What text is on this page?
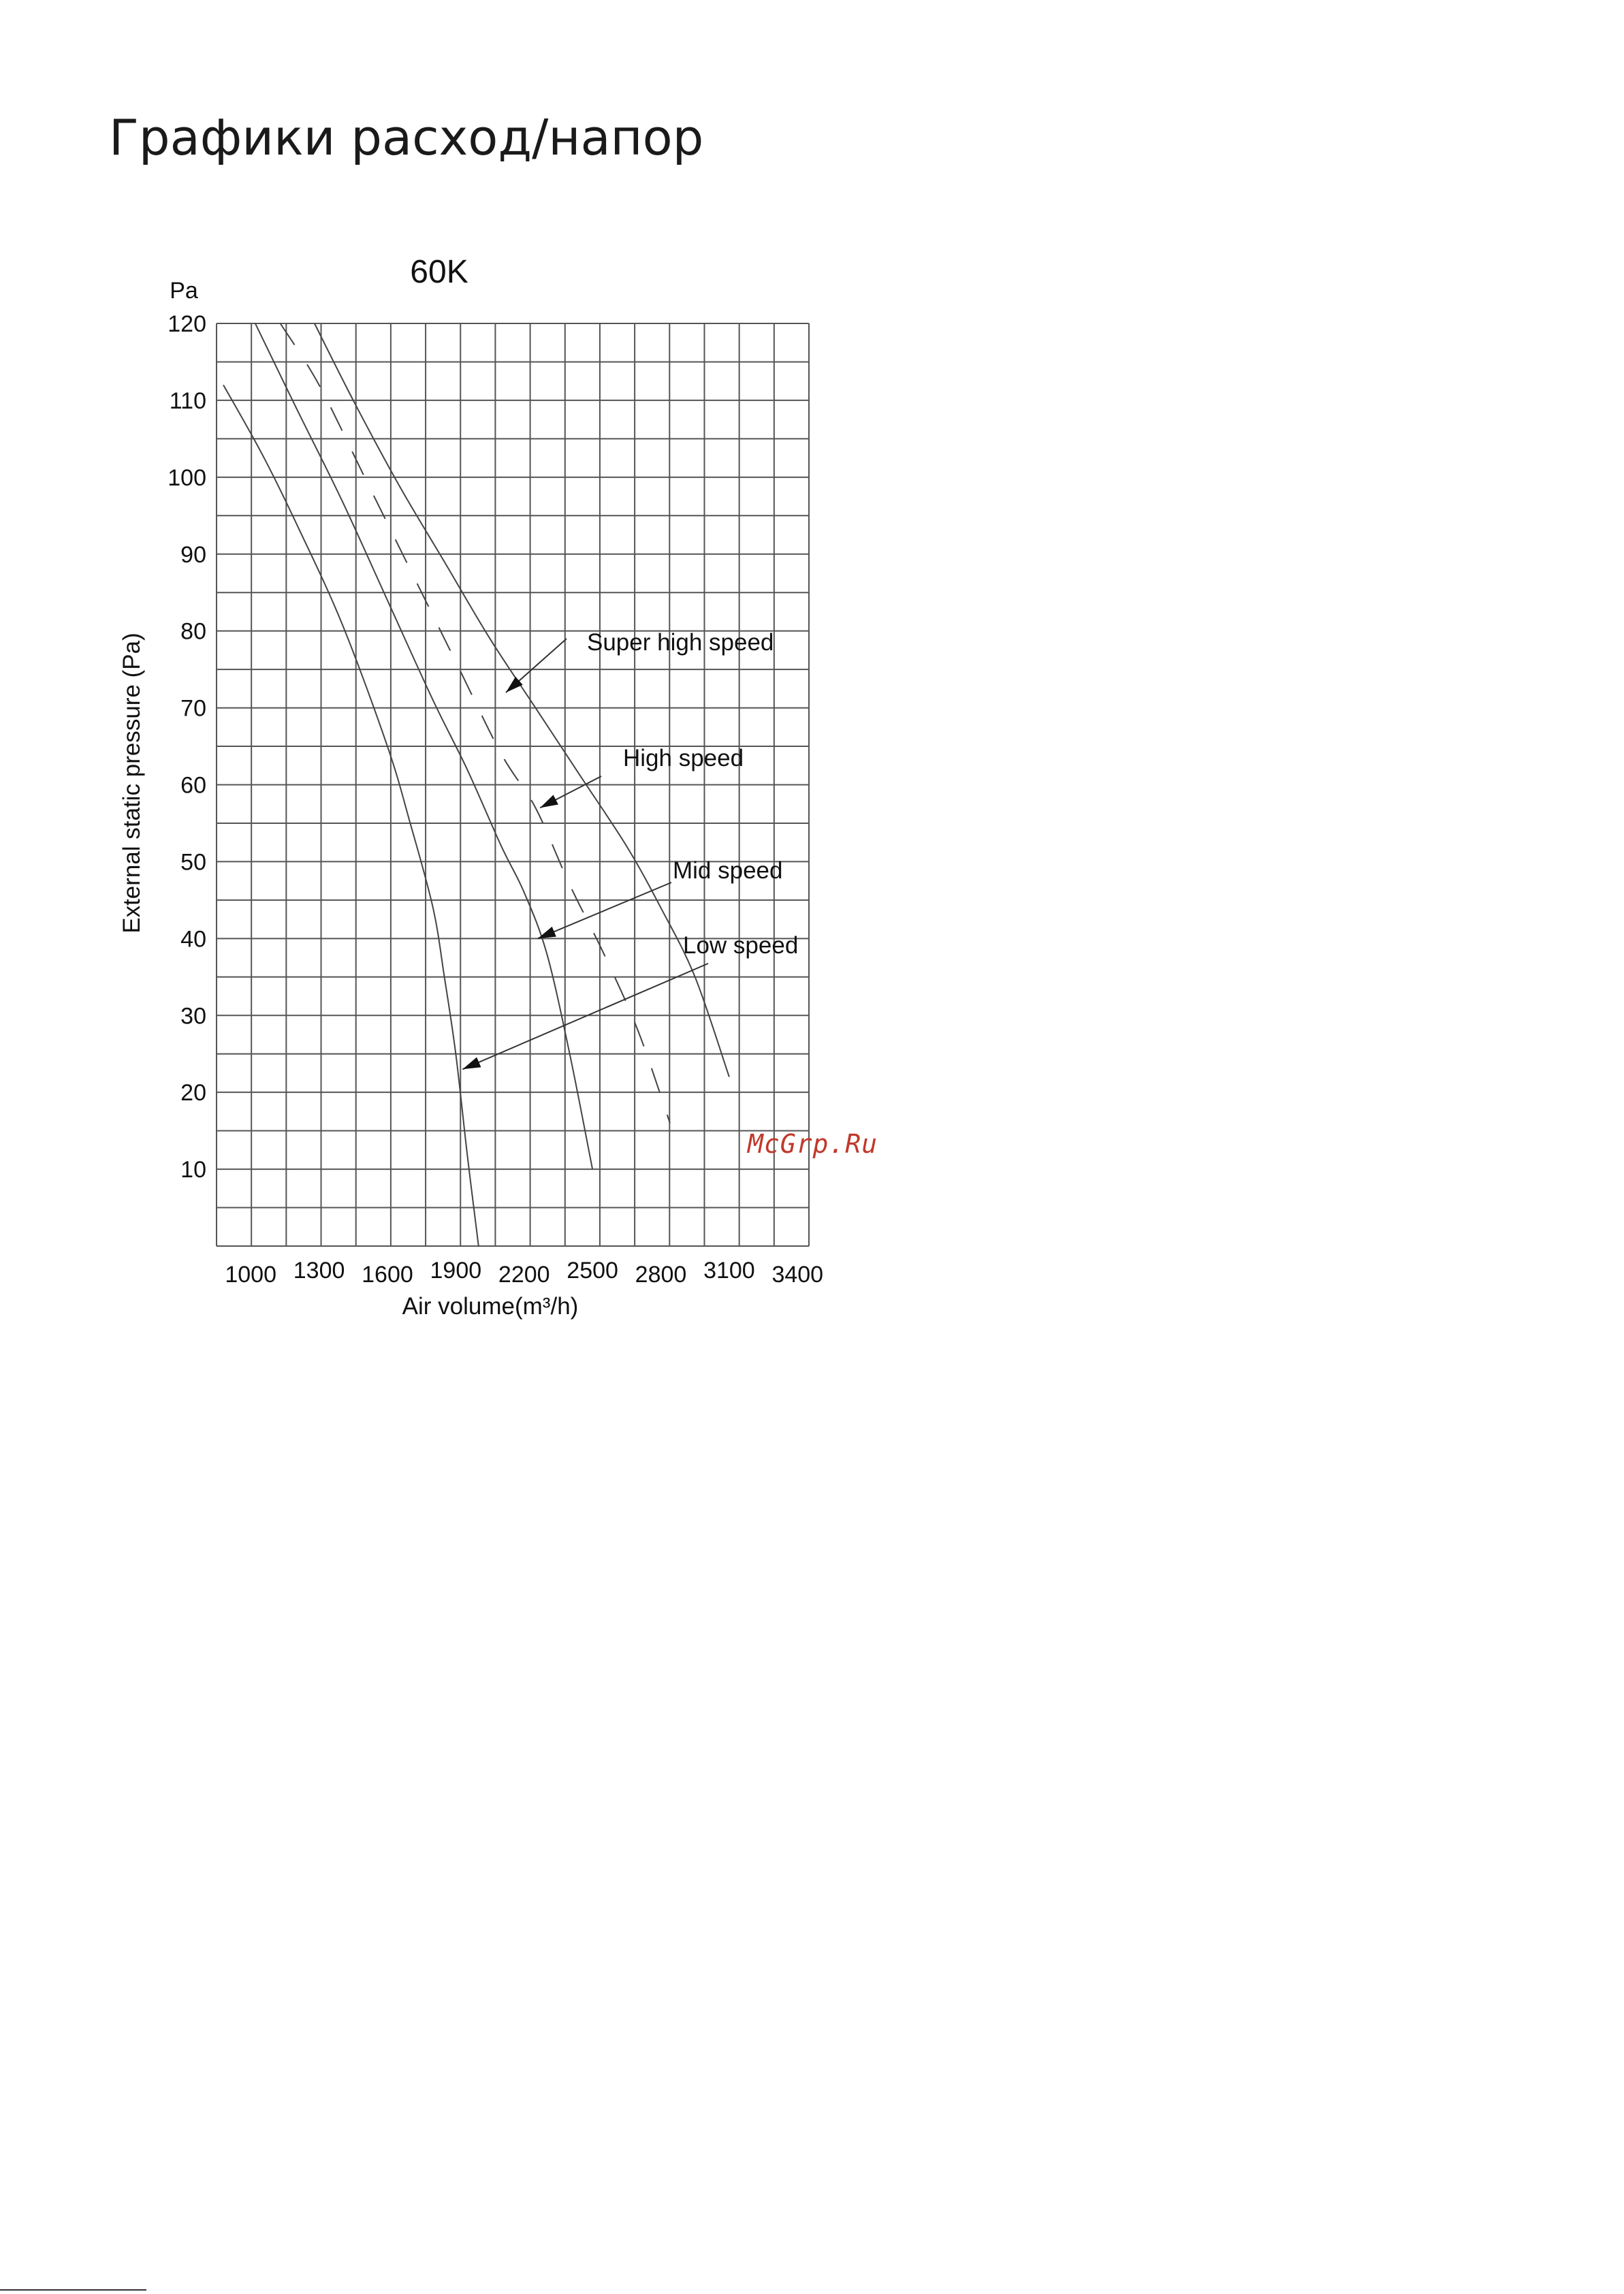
Графики расход/напор
Super high speed
High speed
Mid speed
Low speed
60K
Pa
Air volume(m³/h)
External static pressure (Pa)
10
20
30
40
50
60
70
80
90
100
110
120
1000 1300 1600 1900 2200 2500 2800 3100 3400
McGrp.Ru
